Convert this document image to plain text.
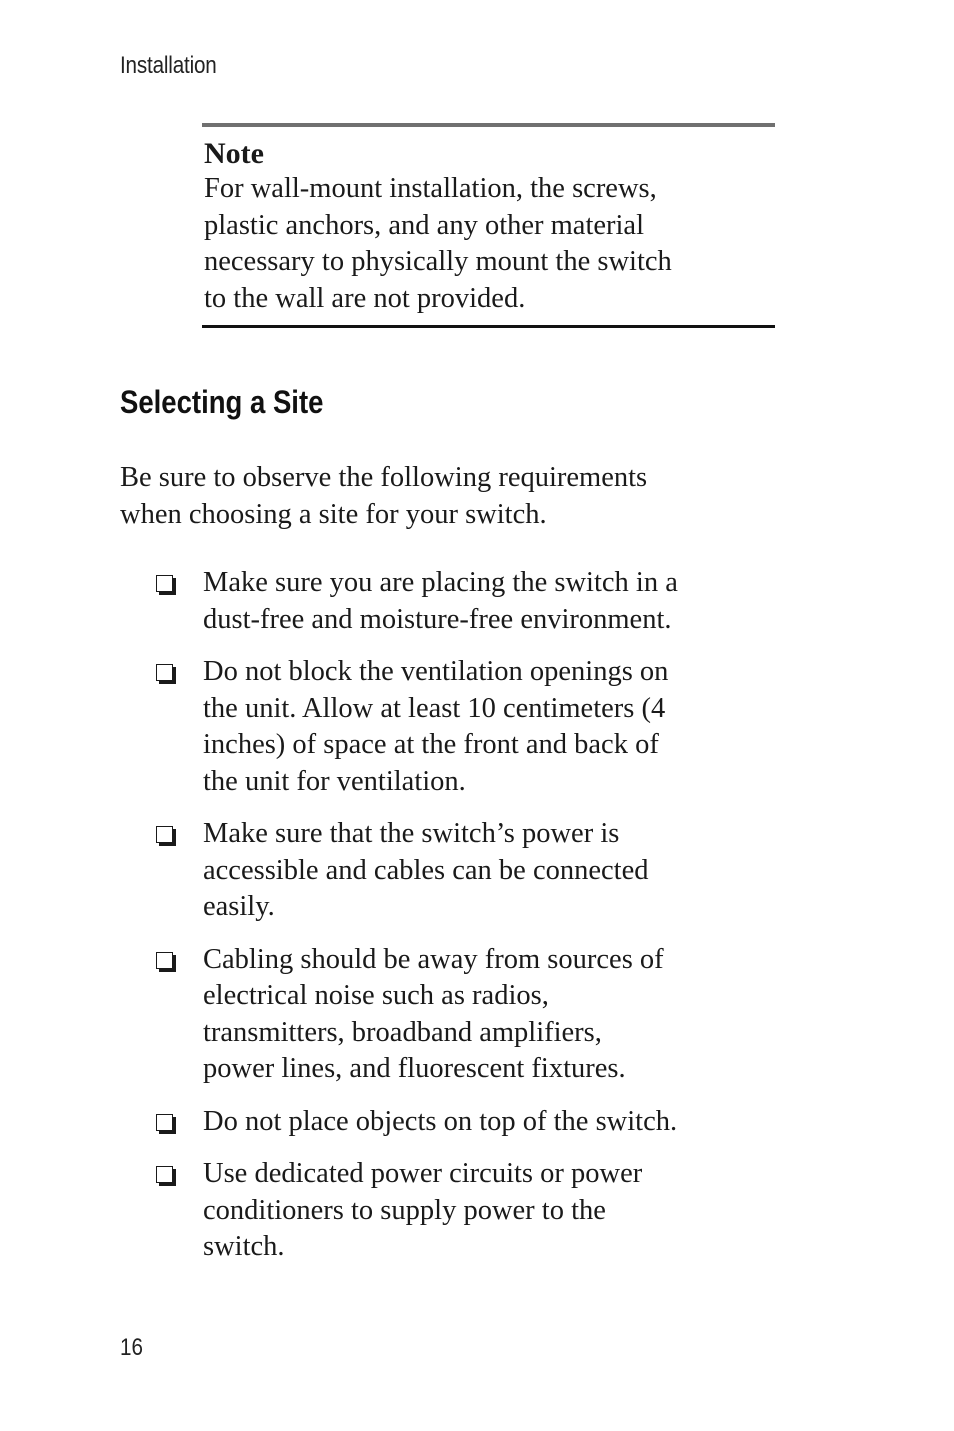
Installation

Note

For wall-mount installation, the screws,
plastic anchors, and any other material
necessary to physically mount the switch
to the wall are not provided.

Selecting a Site

Be sure to observe the following requirements
when choosing a site for your switch.

Make sure you are placing the switch in a
dust-free and moisture-free environment.
Do not block the ventilation openings on
the unit. Allow at least 10 centimeters (4
inches) of space at the front and back of
the unit for ventilation.
Make sure that the switch’s power is
accessible and cables can be connected
easily.
Cabling should be away from sources of
electrical noise such as radios,
transmitters, broadband amplifiers,
power lines, and fluorescent fixtures.
Do not place objects on top of the switch.
Use dedicated power circuits or power
conditioners to supply power to the
switch.
16
